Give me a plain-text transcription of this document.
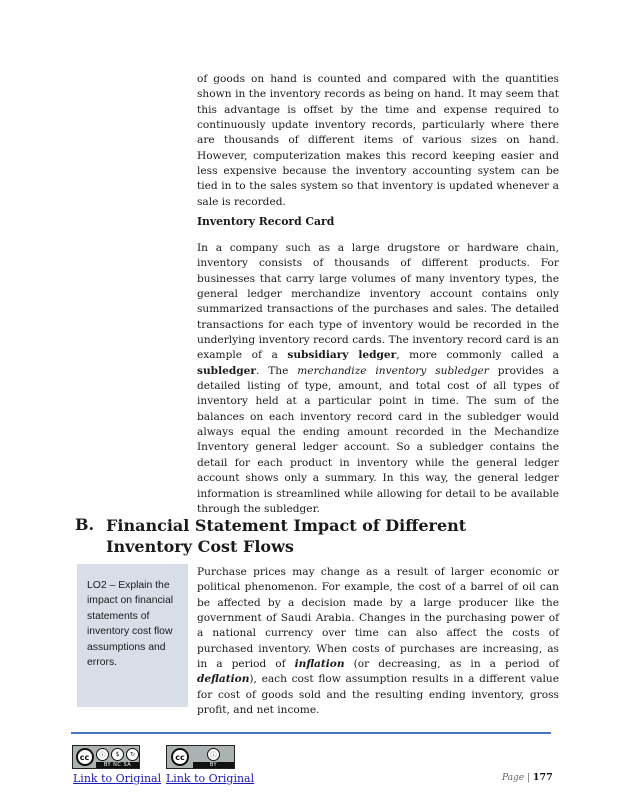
of goods on hand is counted and compared with the quantities shown in the inventory records as being on hand. It may seem that this advantage is offset by the time and expense required to continuously update inventory records, particularly where there are thousands of different items of various sizes on hand. However, computerization makes this record keeping easier and less expensive because the inventory accounting system can be tied in to the sales system so that inventory is updated whenever a sale is recorded.
Inventory Record Card
In a company such as a large drugstore or hardware chain, inventory consists of thousands of different products. For businesses that carry large volumes of many inventory types, the general ledger merchandize inventory account contains only summarized transactions of the purchases and sales. The detailed transactions for each type of inventory would be recorded in the underlying inventory record cards. The inventory record card is an example of a subsidiary ledger, more commonly called a subledger. The merchandize inventory subledger provides a detailed listing of type, amount, and total cost of all types of inventory held at a particular point in time. The sum of the balances on each inventory record card in the subledger would always equal the ending amount recorded in the Mechandize Inventory general ledger account. So a subledger contains the detail for each product in inventory while the general ledger account shows only a summary. In this way, the general ledger information is streamlined while allowing for detail to be available through the subledger.
B. Financial Statement Impact of Different Inventory Cost Flows
LO2 – Explain the impact on financial statements of inventory cost flow assumptions and errors.
Purchase prices may change as a result of larger economic or political phenomenon. For example, the cost of a barrel of oil can be affected by a decision made by a large producer like the government of Saudi Arabia. Changes in the purchasing power of a national currency over time can also affect the costs of purchased inventory. When costs of purchases are increasing, as in a period of inflation (or decreasing, as in a period of deflation), each cost flow assumption results in a different value for cost of goods sold and the resulting ending inventory, gross profit, and net income.
cc	ⓘ	$	↻
BY NC SA
cc	ⓘ
BY
Link to Original Link to Original	Page | 177
